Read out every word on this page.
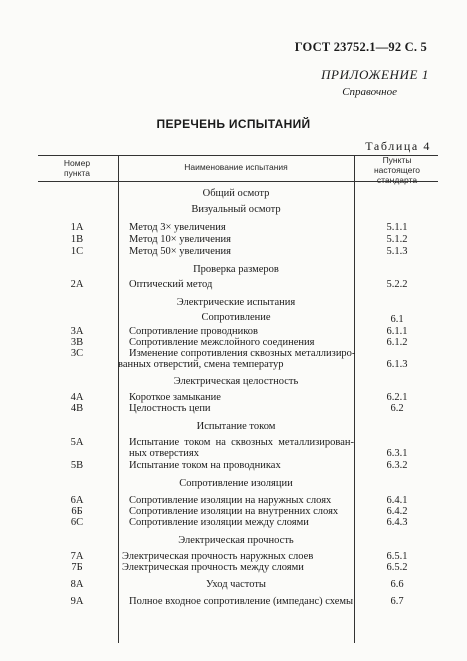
ГОСТ 23752.1—92 С. 5
ПРИЛОЖЕНИЕ 1
Справочное
ПЕРЕЧЕНЬ ИСПЫТАНИЙ
Таблица 4
Номер
пункта
Наименование испытания
Пункты
настоящего
стандарта
Общий осмотр
Визуальный осмотр
1А	Метод 3× увеличения	5.1.1
1В	Метод 10× увеличения	5.1.2
1С	Метод 50× увеличения	5.1.3
Проверка размеров
2А	Оптический метод	5.2.2
Электрические испытания
Сопротивление	6.1
3А	Сопротивление проводников	6.1.1
3В	Сопротивление межслойного соединения	6.1.2
3С	Изменение сопротивления сквозных металлизиро-
ванных отверстий, смена температур	6.1.3
Электрическая целостность
4А	Короткое замыкание	6.2.1
4В	Целостность цепи	6.2
Испытание током
5А	Испытание током на сквозных металлизирован-
ных отверстиях	6.3.1
5В	Испытание током на проводниках	6.3.2
Сопротивление изоляции
6А	Сопротивление изоляции на наружных слоях	6.4.1
6Б	Сопротивление изоляции на внутренних слоях	6.4.2
6С	Сопротивление изоляции между слоями	6.4.3
Электрическая прочность
7А	Электрическая прочность наружных слоев	6.5.1
7Б	Электрическая прочность между слоями	6.5.2
8А	Уход частоты	6.6
9А	Полное входное сопротивление (импеданс) схемы	6.7
